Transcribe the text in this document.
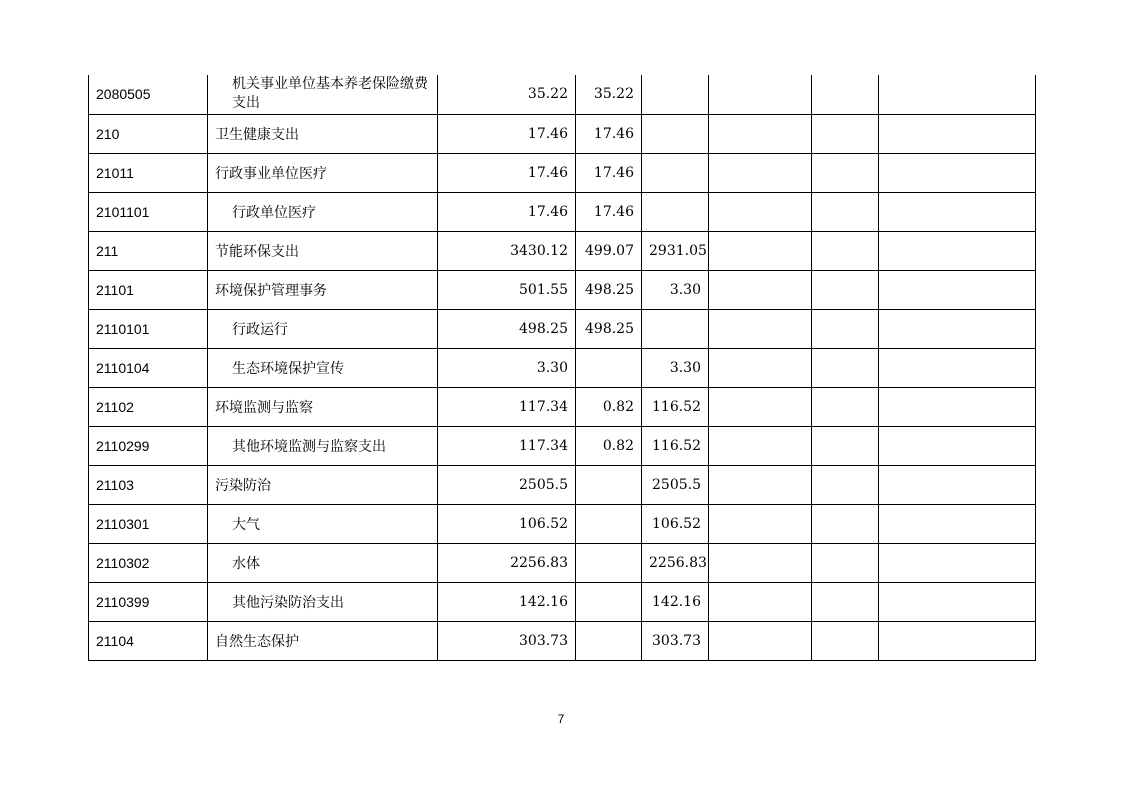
2080505	机关事业单位基本养老保险缴费支出	35.22	35.22				
210	卫生健康支出	17.46	17.46				
21011	行政事业单位医疗	17.46	17.46				
2101101	行政单位医疗	17.46	17.46				
211	节能环保支出	3430.12	499.07	2931.05			
21101	环境保护管理事务	501.55	498.25	3.30			
2110101	行政运行	498.25	498.25				
2110104	生态环境保护宣传	3.30		3.30			
21102	环境监测与监察	117.34	0.82	116.52			
2110299	其他环境监测与监察支出	117.34	0.82	116.52			
21103	污染防治	2505.5		2505.5			
2110301	大气	106.52		106.52			
2110302	水体	2256.83		2256.83			
2110399	其他污染防治支出	142.16		142.16			
21104	自然生态保护	303.73		303.73			
7
